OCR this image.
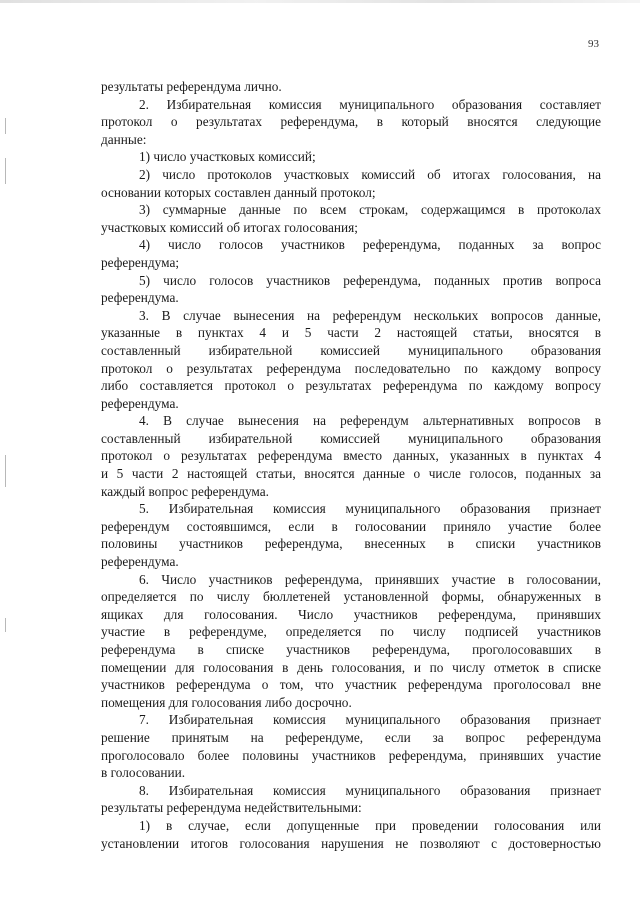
93
результаты референдума лично.
2. Избирательная комиссия муниципального образования составляет
протокол о результатах референдума, в который вносятся следующие
данные:
1) число участковых комиссий;
2) число протоколов участковых комиссий об итогах голосования, на
основании которых составлен данный протокол;
3) суммарные данные по всем строкам, содержащимся в протоколах
участковых комиссий об итогах голосования;
4) число голосов участников референдума, поданных за вопрос
референдума;
5) число голосов участников референдума, поданных против вопроса
референдума.
3. В случае вынесения на референдум нескольких вопросов данные,
указанные в пунктах 4 и 5 части 2 настоящей статьи, вносятся в
составленный избирательной комиссией муниципального образования
протокол о результатах референдума последовательно по каждому вопросу
либо составляется протокол о результатах референдума по каждому вопросу
референдума.
4. В случае вынесения на референдум альтернативных вопросов в
составленный избирательной комиссией муниципального образования
протокол о результатах референдума вместо данных, указанных в пунктах 4
и 5 части 2 настоящей статьи, вносятся данные о числе голосов, поданных за
каждый вопрос референдума.
5. Избирательная комиссия муниципального образования признает
референдум состоявшимся, если в голосовании приняло участие более
половины участников референдума, внесенных в списки участников
референдума.
6. Число участников референдума, принявших участие в голосовании,
определяется по числу бюллетеней установленной формы, обнаруженных в
ящиках для голосования. Число участников референдума, принявших
участие в референдуме, определяется по числу подписей участников
референдума в списке участников референдума, проголосовавших в
помещении для голосования в день голосования, и по числу отметок в списке
участников референдума о том, что участник референдума проголосовал вне
помещения для голосования либо досрочно.
7. Избирательная комиссия муниципального образования признает
решение принятым на референдуме, если за вопрос референдума
проголосовало более половины участников референдума, принявших участие
в голосовании.
8. Избирательная комиссия муниципального образования признает
результаты референдума недействительными:
1) в случае, если допущенные при проведении голосования или
установлении итогов голосования нарушения не позволяют с достоверностью
